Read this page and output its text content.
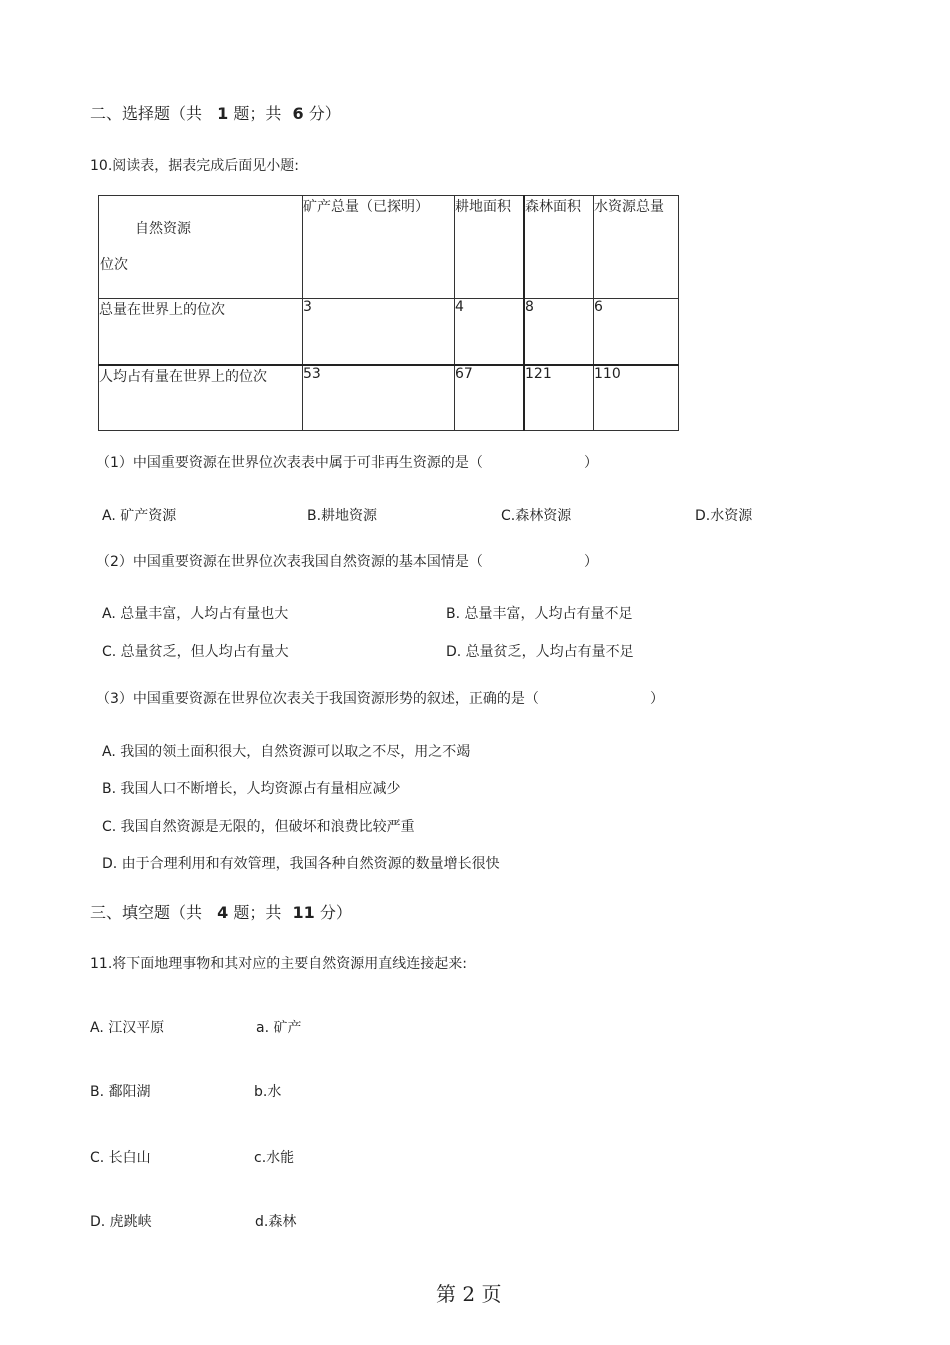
二、选择题（共 1 题；共 6 分）
10.阅读表，据表完成后面见小题:
自然资源
位次	矿产总量（已探明）	耕地面积	森林面积	水资源总量
总量在世界上的位次	3	4	8	6
人均占有量在世界上的位次	53	67	121	110
（1）中国重要资源在世界位次表表中属于可非再生资源的是（	）
A. 矿产资源	B.耕地资源	C.森林资源	D.水资源
（2）中国重要资源在世界位次表我国自然资源的基本国情是（	）
A. 总量丰富，人均占有量也大	B. 总量丰富，人均占有量不足
C. 总量贫乏，但人均占有量大	D. 总量贫乏，人均占有量不足
（3）中国重要资源在世界位次表关于我国资源形势的叙述，正确的是（	）
A. 我国的领土面积很大，自然资源可以取之不尽，用之不竭
B. 我国人口不断增长，人均资源占有量相应减少
C. 我国自然资源是无限的，但破坏和浪费比较严重
D. 由于合理利用和有效管理，我国各种自然资源的数量增长很快
三、填空题（共 4 题；共 11 分）
11.将下面地理事物和其对应的主要自然资源用直线连接起来:
A. 江汉平原	a. 矿产
B. 鄱阳湖	b.水
C. 长白山	c.水能
D. 虎跳峡	d.森林
第 2 页
